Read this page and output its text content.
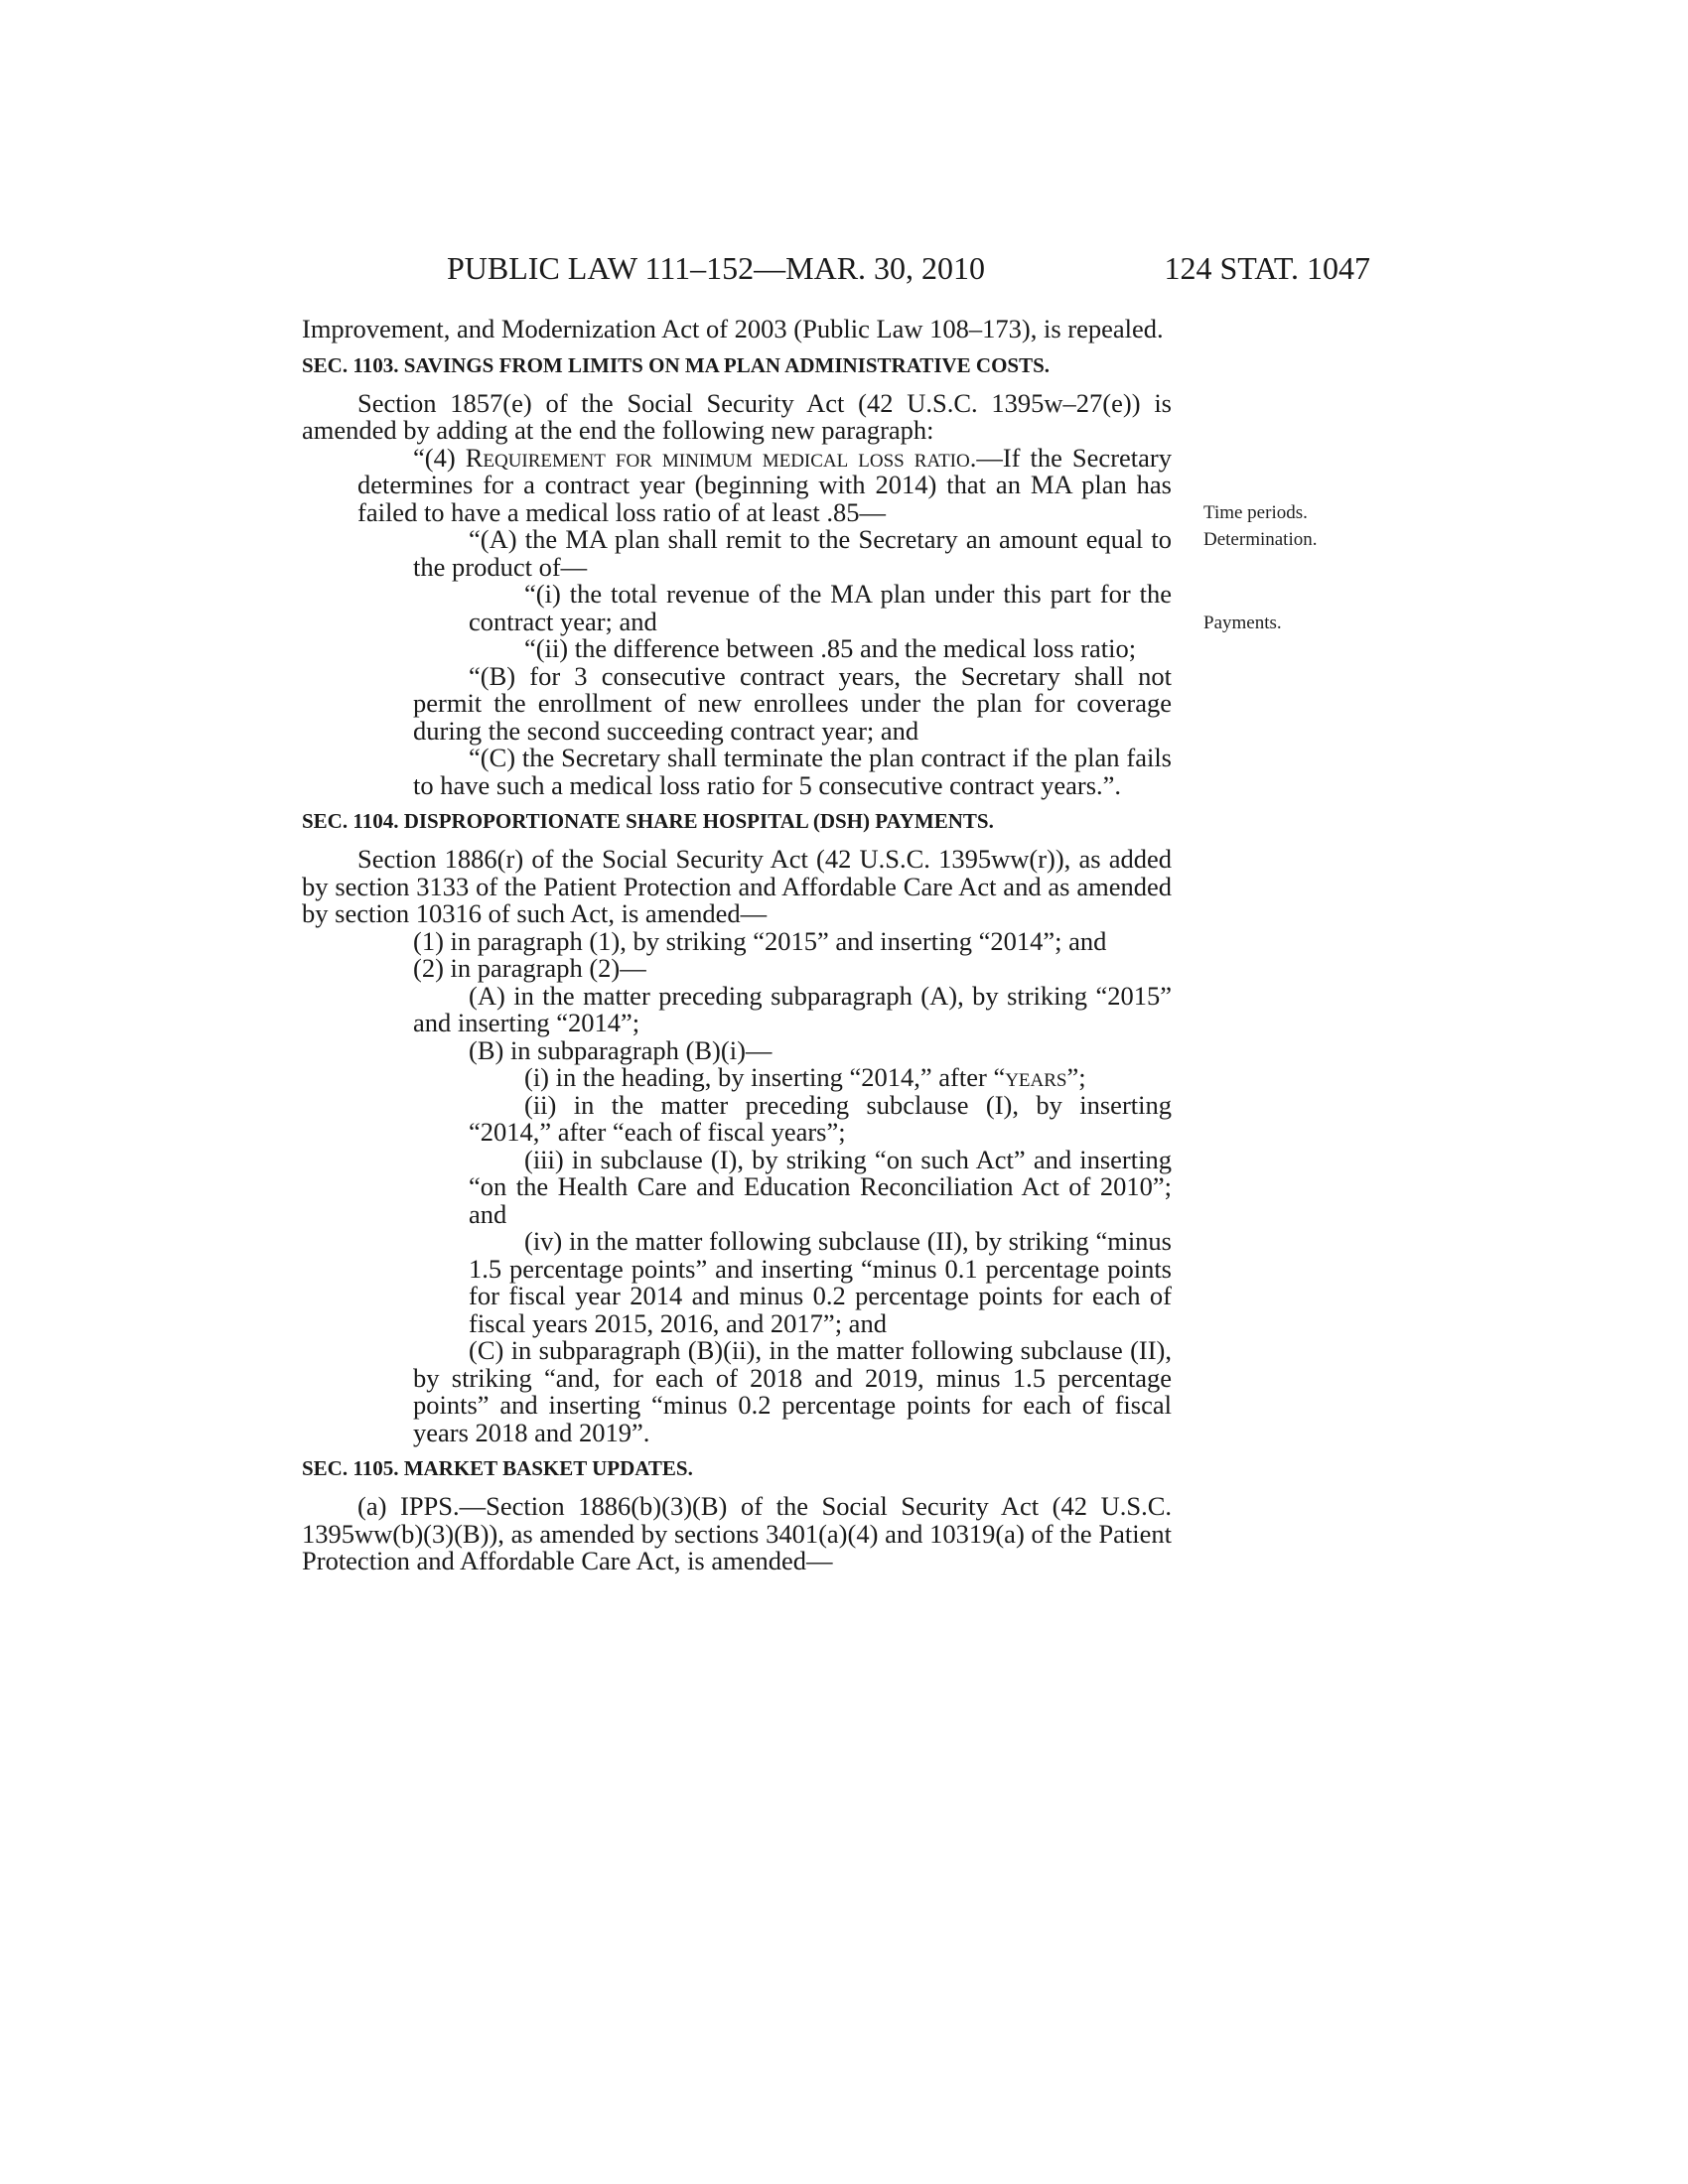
PUBLIC LAW 111–152—MAR. 30, 2010	124 STAT. 1047
Time periods.
Determination.
Payments.

Improvement, and Modernization Act of 2003 (Public Law 108–173), is repealed.

SEC. 1103. SAVINGS FROM LIMITS ON MA PLAN ADMINISTRATIVE COSTS.

Section 1857(e) of the Social Security Act (42 U.S.C. 1395w–27(e)) is amended by adding at the end the following new paragraph:

“(4) Requirement for minimum medical loss ratio.—If the Secretary determines for a contract year (beginning with 2014) that an MA plan has failed to have a medical loss ratio of at least .85—

“(A) the MA plan shall remit to the Secretary an amount equal to the product of—

“(i) the total revenue of the MA plan under this part for the contract year; and

“(ii) the difference between .85 and the medical loss ratio;

“(B) for 3 consecutive contract years, the Secretary shall not permit the enrollment of new enrollees under the plan for coverage during the second succeeding contract year; and

“(C) the Secretary shall terminate the plan contract if the plan fails to have such a medical loss ratio for 5 consecutive contract years.”.

SEC. 1104. DISPROPORTIONATE SHARE HOSPITAL (DSH) PAYMENTS.

Section 1886(r) of the Social Security Act (42 U.S.C. 1395ww(r)), as added by section 3133 of the Patient Protection and Affordable Care Act and as amended by section 10316 of such Act, is amended—

(1) in paragraph (1), by striking “2015” and inserting “2014”; and

(2) in paragraph (2)—

(A) in the matter preceding subparagraph (A), by striking “2015” and inserting “2014”;

(B) in subparagraph (B)(i)—

(i) in the heading, by inserting “2014,” after “years”;

(ii) in the matter preceding subclause (I), by inserting “2014,” after “each of fiscal years”;

(iii) in subclause (I), by striking “on such Act” and inserting “on the Health Care and Education Reconciliation Act of 2010”; and

(iv) in the matter following subclause (II), by striking “minus 1.5 percentage points” and inserting “minus 0.1 percentage points for fiscal year 2014 and minus 0.2 percentage points for each of fiscal years 2015, 2016, and 2017”; and

(C) in subparagraph (B)(ii), in the matter following subclause (II), by striking “and, for each of 2018 and 2019, minus 1.5 percentage points” and inserting “minus 0.2 percentage points for each of fiscal years 2018 and 2019”.

SEC. 1105. MARKET BASKET UPDATES.

(a) IPPS.—Section 1886(b)(3)(B) of the Social Security Act (42 U.S.C. 1395ww(b)(3)(B)), as amended by sections 3401(a)(4) and 10319(a) of the Patient Protection and Affordable Care Act, is amended—
